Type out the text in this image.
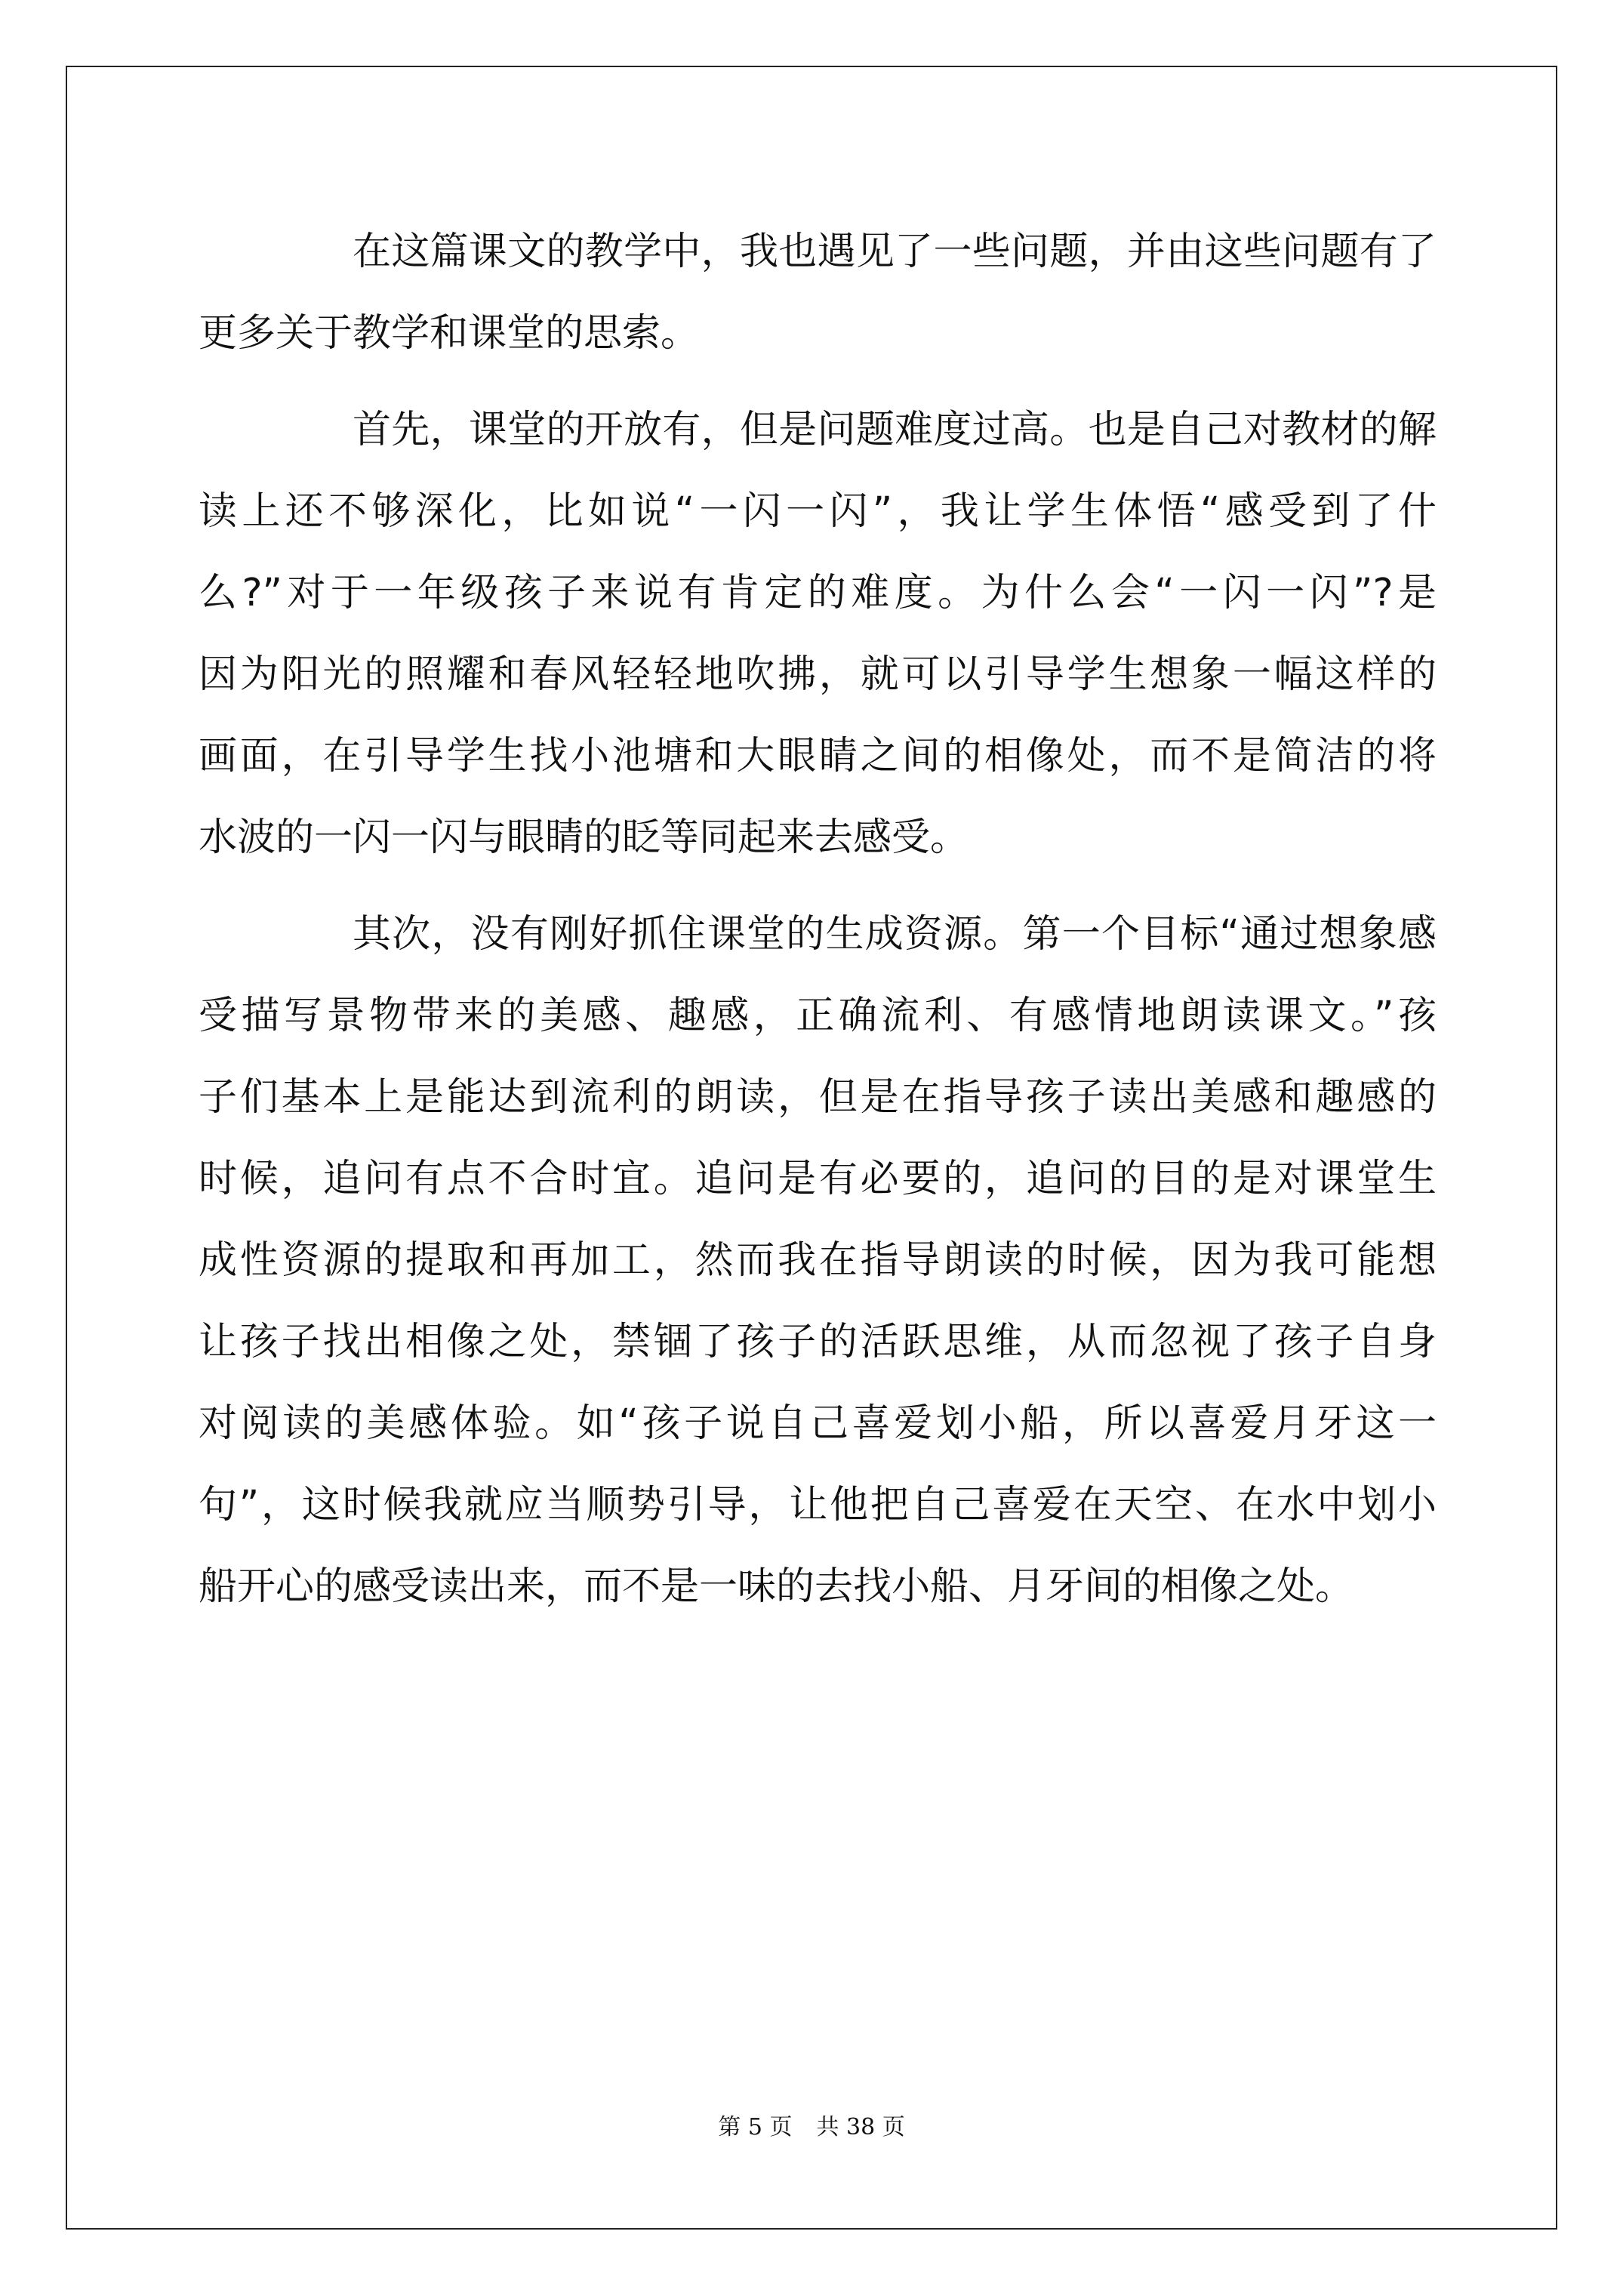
在这篇课文的教学中，我也遇见了一些问题，并由这些问题有了
更多关于教学和课堂的思索。
首先，课堂的开放有，但是问题难度过高。也是自己对教材的解
读上还不够深化，比如说“一闪一闪”，我让学生体悟“感受到了什
么?”对于一年级孩子来说有肯定的难度。为什么会“一闪一闪”?是
因为阳光的照耀和春风轻轻地吹拂，就可以引导学生想象一幅这样的
画面，在引导学生找小池塘和大眼睛之间的相像处，而不是简洁的将
水波的一闪一闪与眼睛的眨等同起来去感受。
其次，没有刚好抓住课堂的生成资源。第一个目标“通过想象感
受描写景物带来的美感、趣感，正确流利、有感情地朗读课文。”孩
子们基本上是能达到流利的朗读，但是在指导孩子读出美感和趣感的
时候，追问有点不合时宜。追问是有必要的，追问的目的是对课堂生
成性资源的提取和再加工，然而我在指导朗读的时候，因为我可能想
让孩子找出相像之处，禁锢了孩子的活跃思维，从而忽视了孩子自身
对阅读的美感体验。如“孩子说自己喜爱划小船，所以喜爱月牙这一
句”，这时候我就应当顺势引导，让他把自己喜爱在天空、在水中划小
船开心的感受读出来，而不是一味的去找小船、月牙间的相像之处。
第 5 页 共 38 页
